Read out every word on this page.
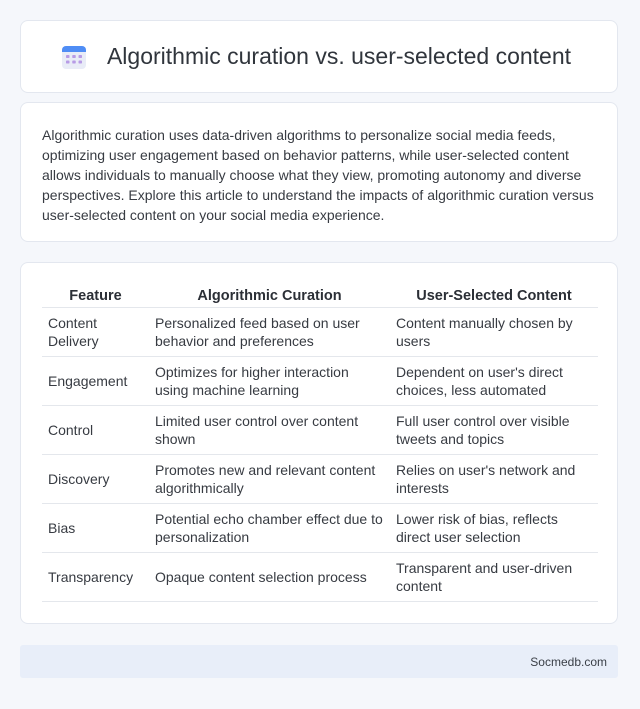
Algorithmic curation vs. user-selected content

Algorithmic curation uses data-driven algorithms to personalize social media feeds, optimizing user engagement based on behavior patterns, while user-selected content allows individuals to manually choose what they view, promoting autonomy and diverse perspectives. Explore this article to understand the impacts of algorithmic curation versus user-selected content on your social media experience.

Feature	Algorithmic Curation	User-Selected Content
Content Delivery	Personalized feed based on user behavior and preferences	Content manually chosen by users
Engagement	Optimizes for higher interaction using machine learning	Dependent on user's direct choices, less automated
Control	Limited user control over content shown	Full user control over visible tweets and topics
Discovery	Promotes new and relevant content algorithmically	Relies on user's network and interests
Bias	Potential echo chamber effect due to personalization	Lower risk of bias, reflects direct user selection
Transparency	Opaque content selection process	Transparent and user-driven content
Socmedb.com
